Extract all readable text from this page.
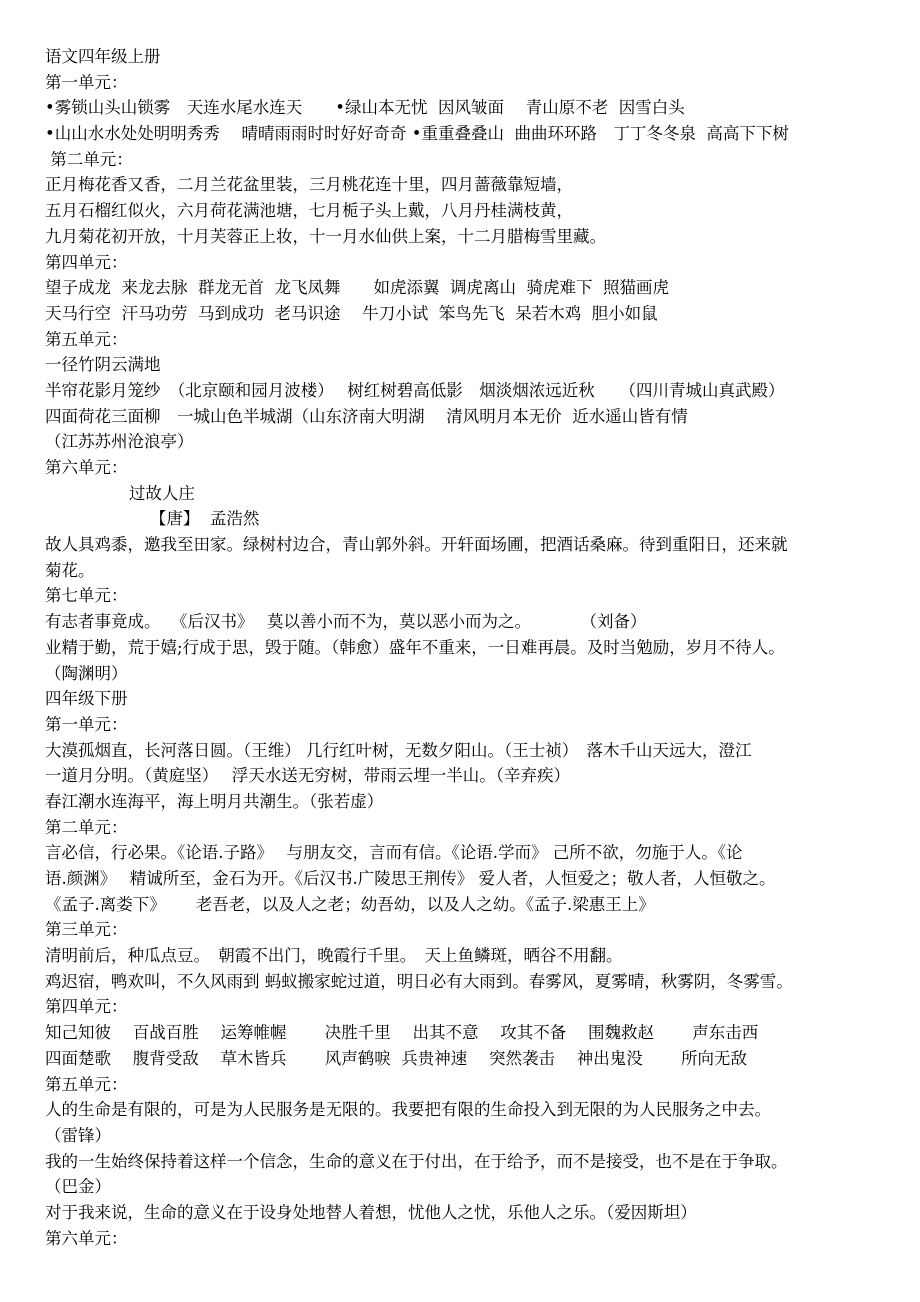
语文四年级上册
第一单元：
•雾锁山头山锁雾　天连水尾水连天　　•绿山本无忧  因风皱面　 青山原不老  因雪白头
•山山水水处处明明秀秀　 晴晴雨雨时时好好奇奇 •重重叠叠山  曲曲环环路　丁丁冬冬泉  高高下下树
第二单元：
正月梅花香又香，二月兰花盆里装，三月桃花连十里，四月蔷薇靠短墙，
五月石榴红似火，六月荷花满池塘，七月栀子头上戴，八月丹桂满枝黄，
九月菊花初开放，十月芙蓉正上妆，十一月水仙供上案，十二月腊梅雪里藏。
第四单元：
望子成龙  来龙去脉  群龙无首  龙飞凤舞　　如虎添翼  调虎离山  骑虎难下  照猫画虎
天马行空  汗马功劳  马到成功  老马识途　 牛刀小试  笨鸟先飞  呆若木鸡  胆小如鼠
第五单元：
一径竹阴云满地
半帘花影月笼纱　（北京颐和园月波楼）　 树红树碧高低影　烟淡烟浓远近秋　　（四川青城山真武殿）
四面荷花三面柳　一城山色半城湖（山东济南大明湖　 清风明月本无价  近水遥山皆有情
（江苏苏州沧浪亭）
第六单元：
过故人庄
【唐】  孟浩然
故人具鸡黍，邀我至田家。绿树村边合，青山郭外斜。开轩面场圃，把酒话桑麻。待到重阳日，还来就
菊花。
第七单元：
有志者事竟成。  《后汉书》　 莫以善小而不为，莫以恶小而为之。　　　　（刘备）
业精于勤，荒于嬉;行成于思，毁于随。（韩愈）盛年不重来，一日难再晨。及时当勉励，岁月不待人。
（陶渊明）
四年级下册
第一单元：
大漠孤烟直，长河落日圆。（王维） 几行红叶树，无数夕阳山。（王士祯）　落木千山天远大，澄江
一道月分明。（黄庭坚）　 浮天水送无穷树，带雨云埋一半山。（辛弃疾）
春江潮水连海平，海上明月共潮生。（张若虚）
第二单元：
言必信，行必果。《论语.子路》　 与朋友交，言而有信。《论语.学而》 己所不欲，勿施于人。《论
语.颜渊》　 精诚所至，金石为开。《后汉书.广陵思王荆传》 爱人者，人恒爱之；敬人者，人恒敬之。
《孟子.离娄下》　　 老吾老，以及人之老；幼吾幼，以及人之幼。《孟子.梁惠王上》
第三单元：
清明前后，种瓜点豆。　朝霞不出门，晚霞行千里。　天上鱼鳞斑，晒谷不用翻。
鸡迟宿，鸭欢叫，不久风雨到 蚂蚁搬家蛇过道，明日必有大雨到。春雾风，夏雾晴，秋雾阴，冬雾雪。
第四单元：
知己知彼　 百战百胜　 运筹帷幄　　 决胜千里　 出其不意　 攻其不备　 围魏救赵　　 声东击西
四面楚歌　 腹背受敌　 草木皆兵　　 风声鹤唳  兵贵神速　 突然袭击　 神出鬼没　　 所向无敌
第五单元：
人的生命是有限的，可是为人民服务是无限的。我要把有限的生命投入到无限的为人民服务之中去。
（雷锋）
我的一生始终保持着这样一个信念，生命的意义在于付出，在于给予，而不是接受，也不是在于争取。
（巴金）
对于我来说，生命的意义在于设身处地替人着想，忧他人之忧，乐他人之乐。（爱因斯坦）
第六单元：
